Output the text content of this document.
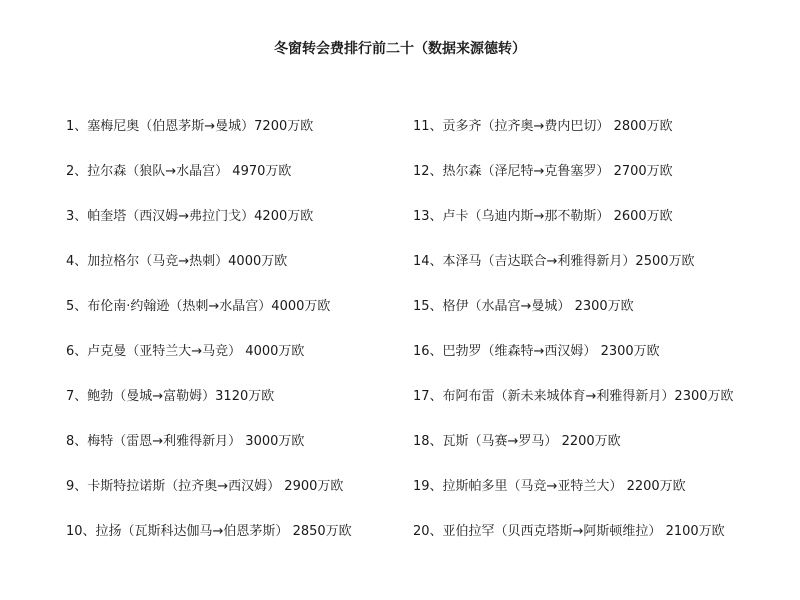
冬窗转会费排行前二十（数据来源德转）
1、塞梅尼奥（伯恩茅斯→曼城）7200万欧
2、拉尔森（狼队→水晶宫） 4970万欧
3、帕奎塔（西汉姆→弗拉门戈）4200万欧
4、加拉格尔（马竞→热刺）4000万欧
5、布伦南·约翰逊（热刺→水晶宫）4000万欧
6、卢克曼（亚特兰大→马竞） 4000万欧
7、鲍勃（曼城→富勒姆）3120万欧
8、梅特（雷恩→利雅得新月） 3000万欧
9、卡斯特拉诺斯（拉齐奥→西汉姆） 2900万欧
10、拉扬（瓦斯科达伽马→伯恩茅斯） 2850万欧
11、贡多齐（拉齐奥→费内巴切） 2800万欧
12、热尔森（泽尼特→克鲁塞罗） 2700万欧
13、卢卡（乌迪内斯→那不勒斯） 2600万欧
14、本泽马（吉达联合→利雅得新月）2500万欧
15、格伊（水晶宫→曼城） 2300万欧
16、巴勃罗（维森特→西汉姆） 2300万欧
17、布阿布雷（新未来城体育→利雅得新月）2300万欧
18、瓦斯（马赛→罗马） 2200万欧
19、拉斯帕多里（马竞→亚特兰大） 2200万欧
20、亚伯拉罕（贝西克塔斯→阿斯顿维拉） 2100万欧
